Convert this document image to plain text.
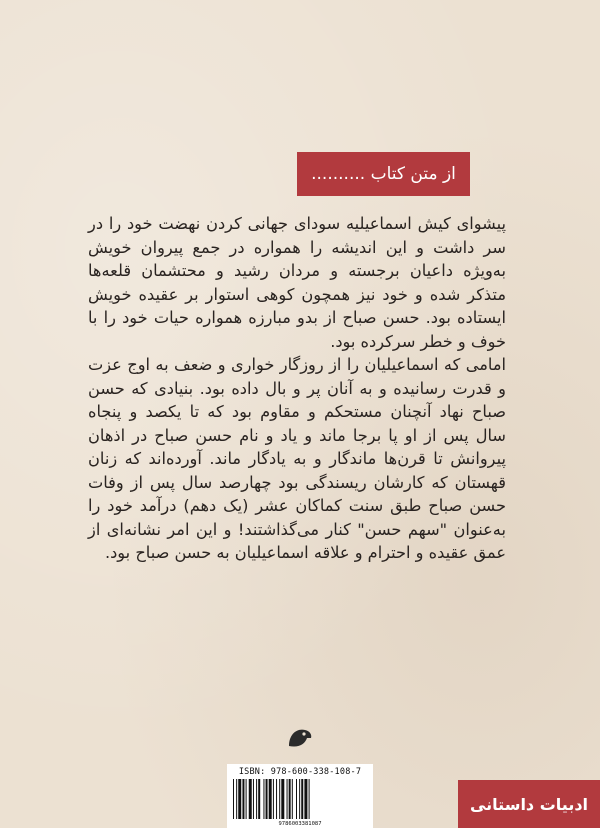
از متن کتاب ..........

پیشوای کیش اسماعیلیه سودای جهانی کردن نهضت خود را در سر داشت و این اندیشه را همواره در جمع پیروان خویش به‌ویژه داعیان برجسته و مردان رشید و محتشمان قلعه‌ها متذکر شده و خود نیز همچون کوهی استوار بر عقیده خویش ایستاده بود. حسن صباح از بدو مبارزه همواره حیات خود را با خوف و خطر سرکرده بود.

امامی که اسماعیلیان را از روزگار خواری و ضعف به اوج عزت و قدرت رسانیده و به آنان پر و بال داده بود. بنیادی که حسن صباح نهاد آنچنان مستحکم و مقاوم بود که تا یکصد و پنجاه سال پس از او پا برجا ماند و یاد و نام حسن صباح در اذهان پیروانش تا قرن‌ها ماندگار و به یادگار ماند. آورده‌اند که زنان قهستان که کارشان ریسندگی بود چهارصد سال پس از وفات حسن صباح طبق سنت کماکان عشر (یک دهم) درآمد خود را به‌عنوان "سهم حسن" کنار می‌گذاشتند! و این امر نشانه‌ای از عمق عقیده و احترام و علاقه اسماعیلیان به حسن صباح بود.

ISBN: 978-600-338-108-7
9786003381087
ادبیات داستانی
